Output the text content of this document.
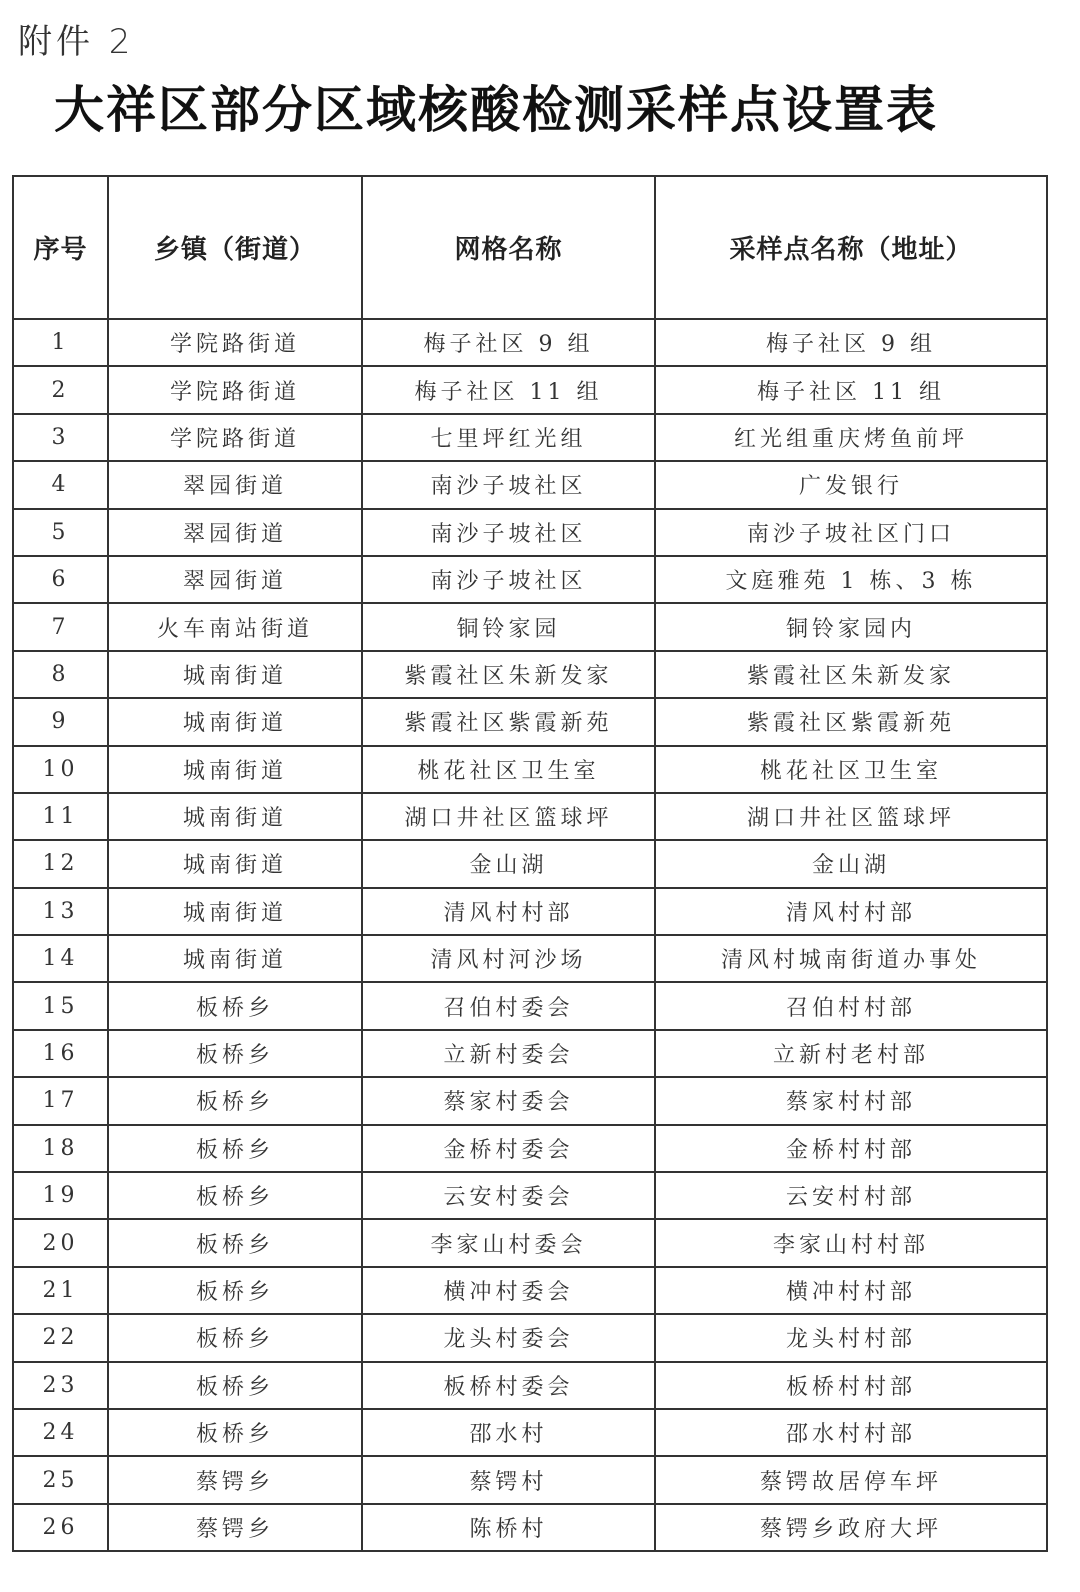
附件 2
大祥区部分区域核酸检测采样点设置表
序号	乡镇（街道）	网格名称	采样点名称（地址）
1	学院路街道	梅子社区 9 组	梅子社区 9 组
2	学院路街道	梅子社区 11 组	梅子社区 11 组
3	学院路街道	七里坪红光组	红光组重庆烤鱼前坪
4	翠园街道	南沙子坡社区	广发银行
5	翠园街道	南沙子坡社区	南沙子坡社区门口
6	翠园街道	南沙子坡社区	文庭雅苑 1 栋、3 栋
7	火车南站街道	铜铃家园	铜铃家园内
8	城南街道	紫霞社区朱新发家	紫霞社区朱新发家
9	城南街道	紫霞社区紫霞新苑	紫霞社区紫霞新苑
10	城南街道	桃花社区卫生室	桃花社区卫生室
11	城南街道	湖口井社区篮球坪	湖口井社区篮球坪
12	城南街道	金山湖	金山湖
13	城南街道	清风村村部	清风村村部
14	城南街道	清风村河沙场	清风村城南街道办事处
15	板桥乡	召伯村委会	召伯村村部
16	板桥乡	立新村委会	立新村老村部
17	板桥乡	蔡家村委会	蔡家村村部
18	板桥乡	金桥村委会	金桥村村部
19	板桥乡	云安村委会	云安村村部
20	板桥乡	李家山村委会	李家山村村部
21	板桥乡	横冲村委会	横冲村村部
22	板桥乡	龙头村委会	龙头村村部
23	板桥乡	板桥村委会	板桥村村部
24	板桥乡	邵水村	邵水村村部
25	蔡锷乡	蔡锷村	蔡锷故居停车坪
26	蔡锷乡	陈桥村	蔡锷乡政府大坪
